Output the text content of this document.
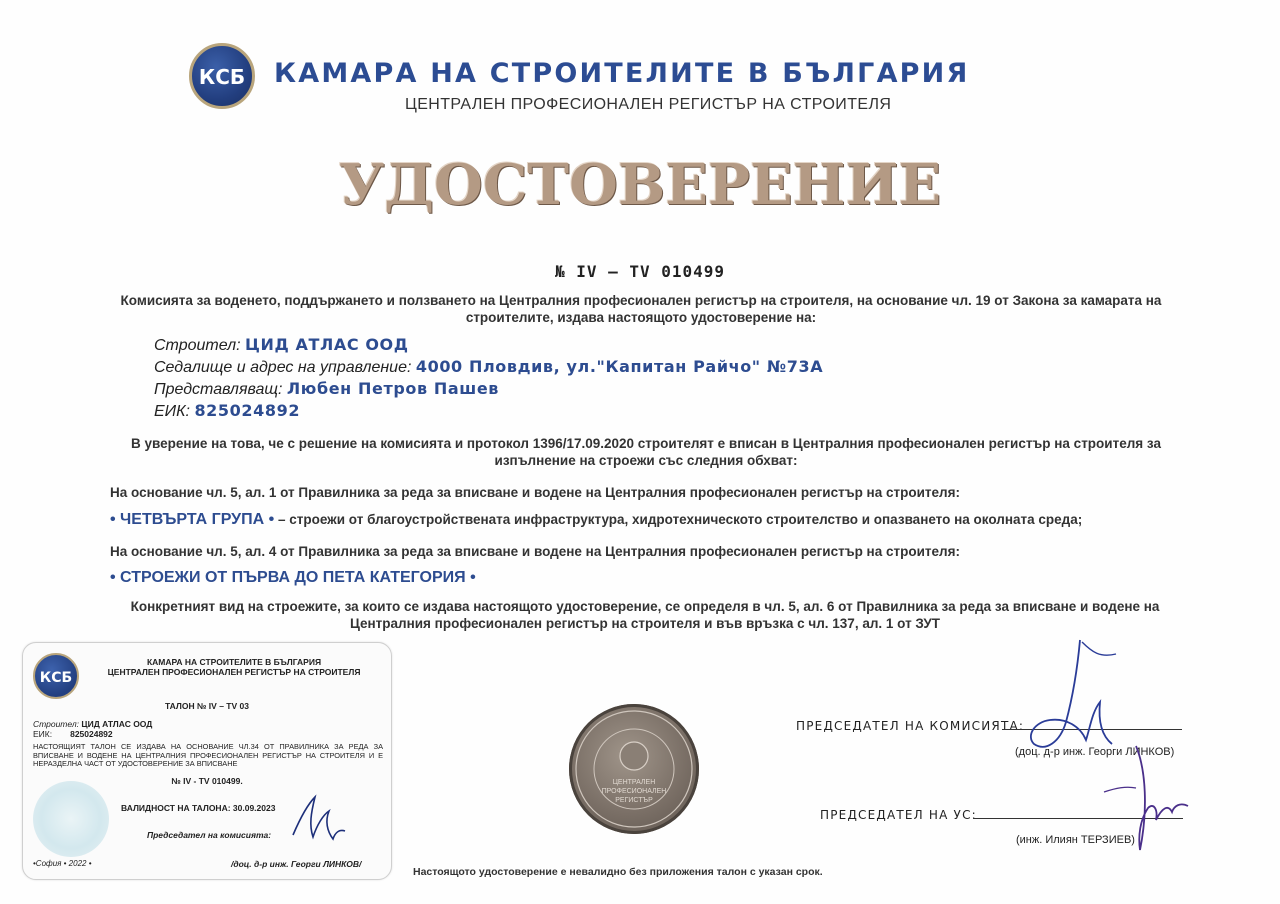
КСБ КАМАРА НА СТРОИТЕЛИТЕ В БЪЛГАРИЯ
ЦЕНТРАЛЕН ПРОФЕСИОНАЛЕН РЕГИСТЪР НА СТРОИТЕЛЯ
УДОСТОВЕРЕНИЕ
№ IV – TV 010499
Комисията за воденето, поддържането и ползването на Централния професионален регистър на строителя, на основание чл. 19 от Закона за камарата на строителите, издава настоящото удостоверение на:
Строител: ЦИД АТЛАС ООД
Седалище и адрес на управление: 4000 Пловдив, ул."Капитан Райчо" №73А
Представляващ: Любен Петров Пашев
ЕИК: 825024892
В уверение на това, че с решение на комисията и протокол 1396/17.09.2020 строителят е вписан в Централния професионален регистър на строителя за изпълнение на строежи със следния обхват:
На основание чл. 5, ал. 1 от Правилника за реда за вписване и водене на Централния професионален регистър на строителя:
• ЧЕТВЪРТА ГРУПА • – строежи от благоустройствената инфраструктура, хидротехническото строителство и опазването на околната среда;
На основание чл. 5, ал. 4 от Правилника за реда за вписване и водене на Централния професионален регистър на строителя:
• СТРОЕЖИ ОТ ПЪРВА ДО ПЕТА КАТЕГОРИЯ •
Конкретният вид на строежите, за които се издава настоящото удостоверение, се определя в чл. 5, ал. 6 от Правилника за реда за вписване и водене на Централния професионален регистър на строителя и във връзка с чл. 137, ал. 1 от ЗУТ
КСБ
КАМАРА НА СТРОИТЕЛИТЕ В БЪЛГАРИЯ
ЦЕНТРАЛЕН ПРОФЕСИОНАЛЕН РЕГИСТЪР НА СТРОИТЕЛЯ
ТАЛОН № IV – TV 03
Строител: ЦИД АТЛАС ООД
ЕИК: 825024892
НАСТОЯЩИЯТ ТАЛОН СЕ ИЗДАВА НА ОСНОВАНИЕ ЧЛ.34 ОТ ПРАВИЛНИКА ЗА РЕДА ЗА ВПИСВАНЕ И ВОДЕНЕ НА ЦЕНТРАЛНИЯ ПРОФЕСИОНАЛЕН РЕГИСТЪР НА СТРОИТЕЛЯ И Е НЕРАЗДЕЛНА ЧАСТ ОТ УДОСТОВЕРЕНИЕ ЗА ВПИСВАНЕ
№ IV - TV 010499.
ВАЛИДНОСТ НА ТАЛОНА: 30.09.2023
Председател на комисията:
•София • 2022 •	/доц. д-р инж. Георги ЛИНКОВ/
ЦЕНТРАЛЕН
ПРОФЕСИОНАЛЕН
РЕГИСТЪР
ПРЕДСЕДАТЕЛ НА КОМИСИЯТА:
(доц. д-р инж. Георги ЛИНКОВ)
ПРЕДСЕДАТЕЛ НА УС:
(инж. Илиян ТЕРЗИЕВ)
Настоящото удостоверение е невалидно без приложения талон с указан срок.
